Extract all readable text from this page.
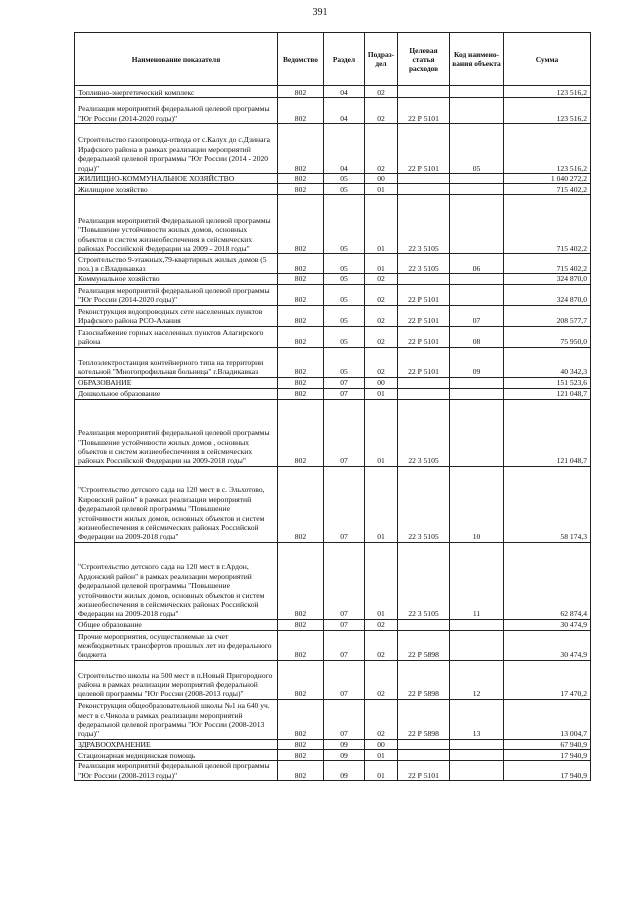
391
Наименование показателя	Ведомство	Раздел	Подраз-дел	Целевая статья расходов	Код наимено-вания объекта	Сумма
Топливно-энергетический комплекс	802	04	02			123 516,2
Реализация мероприятий федеральной целевой программы "Юг России (2014-2020 годы)"	802	04	02	22 Р 5101		123 516,2
Строительство газопровода-отвода от с.Калух до с.Дзинага Ирафского района в рамках реализации мероприятий федеральной целевой программы "Юг России (2014 - 2020 годы)"	802	04	02	22 Р 5101	05	123 516,2
ЖИЛИЩНО-КОММУНАЛЬНОЕ ХОЗЯЙСТВО	802	05	00			1 040 272,2
Жилищное хозяйство	802	05	01			715 402,2
Реализация мероприятий Федеральной целевой программы "Повышение устойчивости жилых домов, основных объектов и систем жизнеобеспечения в сейсмических районах Российской Федерации на 2009 - 2018 годы"	802	05	01	22 3 5105		715 402,2
Строительство 9-этажных,79-квартирных жилых домов (5 поз.) в г.Владикавказ	802	05	01	22 3 5105	06	715 402,2
Коммунальное хозяйство	802	05	02			324 870,0
Реализация мероприятий федеральной целевой программы "Юг России (2014-2020 годы)"	802	05	02	22 Р 5101		324 870,0
Реконструкция водопроводных сете населенных пунктов Ирафского района РСО-Алания	802	05	02	22 Р 5101	07	208 577,7
Газоснабжение горных населенных пунктов Алагирского района	802	05	02	22 Р 5101	08	75 950,0
Теплоэлектростанция контейнерного типа на территории котельной "Многопрофильная больница" г.Владикавказ	802	05	02	22 Р 5101	09	40 342,3
ОБРАЗОВАНИЕ	802	07	00			151 523,6
Дошкольное образование	802	07	01			121 048,7
Реализация мероприятий федеральной целевой программы "Повышение устойчивости жилых домов , основных объектов и систем жизнеобеспечения в сейсмических районах Российской Федерации на 2009-2018 годы"	802	07	01	22 3 5105		121 048,7
"Строительство детского сада на 120 мест в с. Эльхотово, Кировский район" в рамках реализации мероприятий федеральной целевой программы "Повышение устойчивости жилых домов, основных объектов и систем жизнеобеспечения в сейсмических районах Российской Федерации на 2009-2018 годы"	802	07	01	22 3 5105	10	58 174,3
"Строительство детского сада на 120 мест в г.Ардон, Ардонский район" в рамках реализации мероприятий федеральной целевой программы "Повышение устойчивости жилых домов, основных объектов и систем жизнеобеспечения в сейсмических районах Российской Федерации на 2009-2018 годы"	802	07	01	22 3 5105	11	62 874,4
Общее образование	802	07	02			30 474,9
Прочие мероприятия, осуществляемые за счет межбюджетных трансфертов прошлых лет из федерального бюджета	802	07	02	22 Р 5898		30 474,9
Строительство школы на 500 мест в п.Новый Пригородного района в рамках реализации мероприятий федеральной целевой программы "Юг России (2008-2013 годы)"	802	07	02	22 Р 5898	12	17 470,2
Реконструкция общеобразовательной школы №1 на 640 уч. мест в с.Чикола в рамках реализации мероприятий федеральной целевой программы "Юг России (2008-2013 годы)"	802	07	02	22 Р 5898	13	13 004,7
ЗДРАВООХРАНЕНИЕ	802	09	00			67 940,9
Стационарная медицинская помощь	802	09	01			17 940,9
Реализация мероприятий федеральной целевой программы "Юг России (2008-2013 годы)"	802	09	01	22 Р 5101		17 940,9
